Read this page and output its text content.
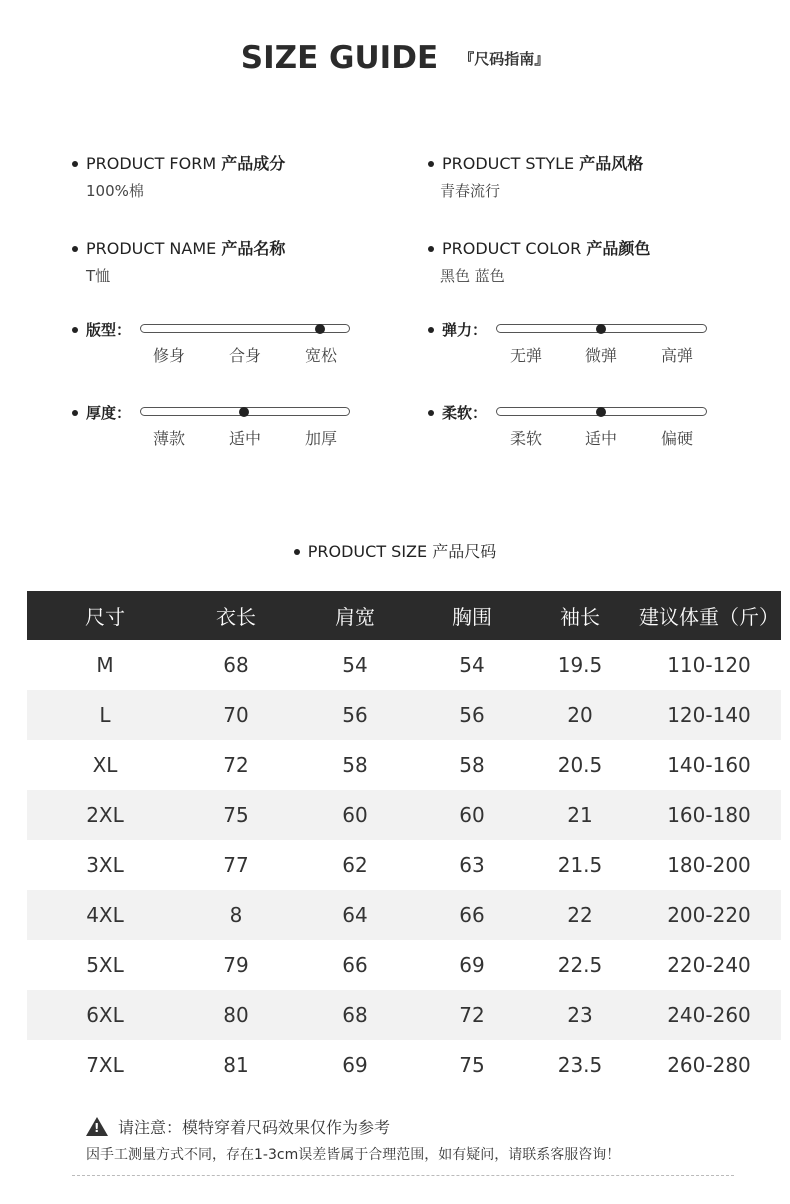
SIZE GUIDE 『尺码指南』
PRODUCT FORM 产品成分
100%棉
PRODUCT STYLE 产品风格
青春流行
PRODUCT NAME 产品名称
T恤
PRODUCT COLOR 产品颜色
黑色 蓝色
版型：
修身	合身	宽松
弹力：
无弹	微弹	高弹
厚度：
薄款	适中	加厚
柔软：
柔软	适中	偏硬
PRODUCT SIZE 产品尺码
尺寸	衣长	肩宽	胸围	袖长	建议体重（斤）
M	68	54	54	19.5	110-120
L	70	56	56	20	120-140
XL	72	58	58	20.5	140-160
2XL	75	60	60	21	160-180
3XL	77	62	63	21.5	180-200
4XL	8	64	66	22	200-220
5XL	79	66	69	22.5	220-240
6XL	80	68	72	23	240-260
7XL	81	69	75	23.5	260-280
!请注意：模特穿着尺码效果仅作为参考
因手工测量方式不同，存在1-3cm误差皆属于合理范围，如有疑问，请联系客服咨询！
